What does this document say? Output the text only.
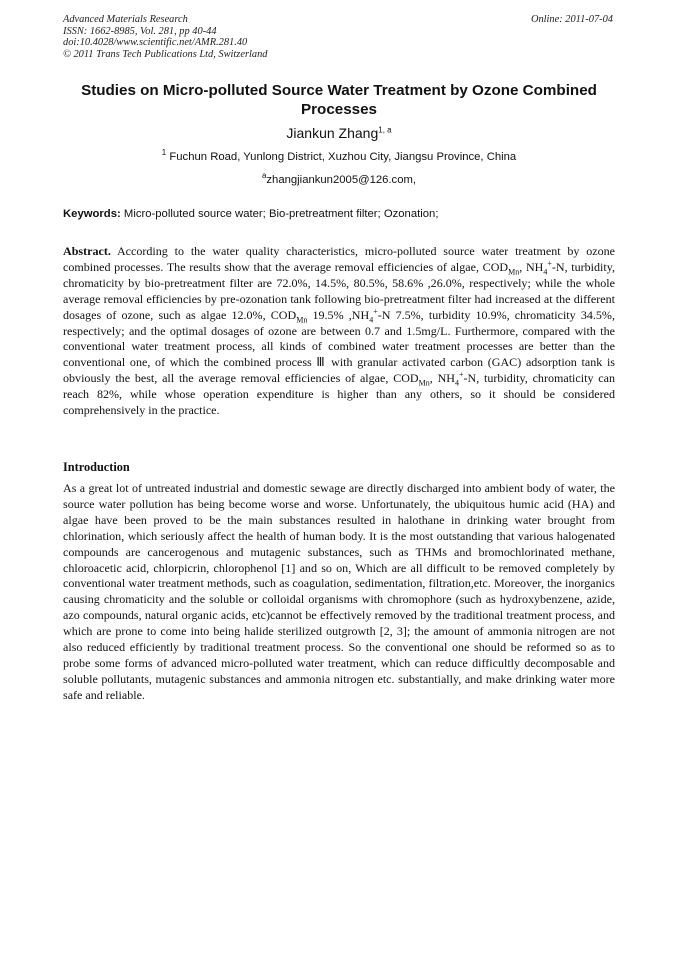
Advanced Materials Research
ISSN: 1662-8985, Vol. 281, pp 40-44
doi:10.4028/www.scientific.net/AMR.281.40
© 2011 Trans Tech Publications Ltd, Switzerland
Online: 2011-07-04
Studies on Micro-polluted Source Water Treatment by Ozone Combined Processes
Jiankun Zhang$^{1, a}$
$^1$ Fuchun Road, Yunlong District, Xuzhou City, Jiangsu Province, China
$^a$zhangjiankun2005@126.com,
Keywords: Micro-polluted source water; Bio-pretreatment filter; Ozonation;

Abstract. According to the water quality characteristics, micro-polluted source water treatment by ozone combined processes. The results show that the average removal efficiencies of algae, $COD_{Mn}$, $NH_4^+-N$, turbidity, chromaticity by bio-pretreatment filter are 72.0%, 14.5%, 80.5%, 58.6% ,26.0%, respectively; while the whole average removal efficiencies by pre-ozonation tank following bio-pretreatment filter had increased at the different dosages of ozone, such as algae 12.0%, $COD_{Mn}$ 19.5% $,NH_4^+-N$ 7.5%, turbidity 10.9%, chromaticity 34.5%, respectively; and the optimal dosages of ozone are between 0.7 and 1.5mg/L. Furthermore, compared with the conventional water treatment process, all kinds of combined water treatment processes are better than the conventional one, of which the combined process Ⅲ with granular activated carbon (GAC) adsorption tank is obviously the best, all the average removal efficiencies of algae, $COD_{Mn}$, $NH_4^+-N$, turbidity, chromaticity can reach 82%, while whose operation expenditure is higher than any others, so it should be considered comprehensively in the practice.

Introduction

As a great lot of untreated industrial and domestic sewage are directly discharged into ambient body of water, the source water pollution has being become worse and worse. Unfortunately, the ubiquitous humic acid (HA) and algae have been proved to be the main substances resulted in halothane in drinking water brought from chlorination, which seriously affect the health of human body. It is the most outstanding that various halogenated compounds are cancerogenous and mutagenic substances, such as THMs and bromochlorinated methane, chloroacetic acid, chlorpicrin, chlorophenol [1] and so on, Which are all difficult to be removed completely by conventional water treatment methods, such as coagulation, sedimentation, filtration,etc. Moreover, the inorganics causing chromaticity and the soluble or colloidal organisms with chromophore (such as hydroxybenzene, azide, azo compounds, natural organic acids, etc)cannot be effectively removed by the traditional treatment process, and which are prone to come into being halide sterilized outgrowth [2, 3]; the amount of ammonia nitrogen are not also reduced efficiently by traditional treatment process. So the conventional one should be reformed so as to probe some forms of advanced micro-polluted water treatment, which can reduce difficultly decomposable and soluble pollutants, mutagenic substances and ammonia nitrogen etc. substantially, and make drinking water more safe and reliable.
